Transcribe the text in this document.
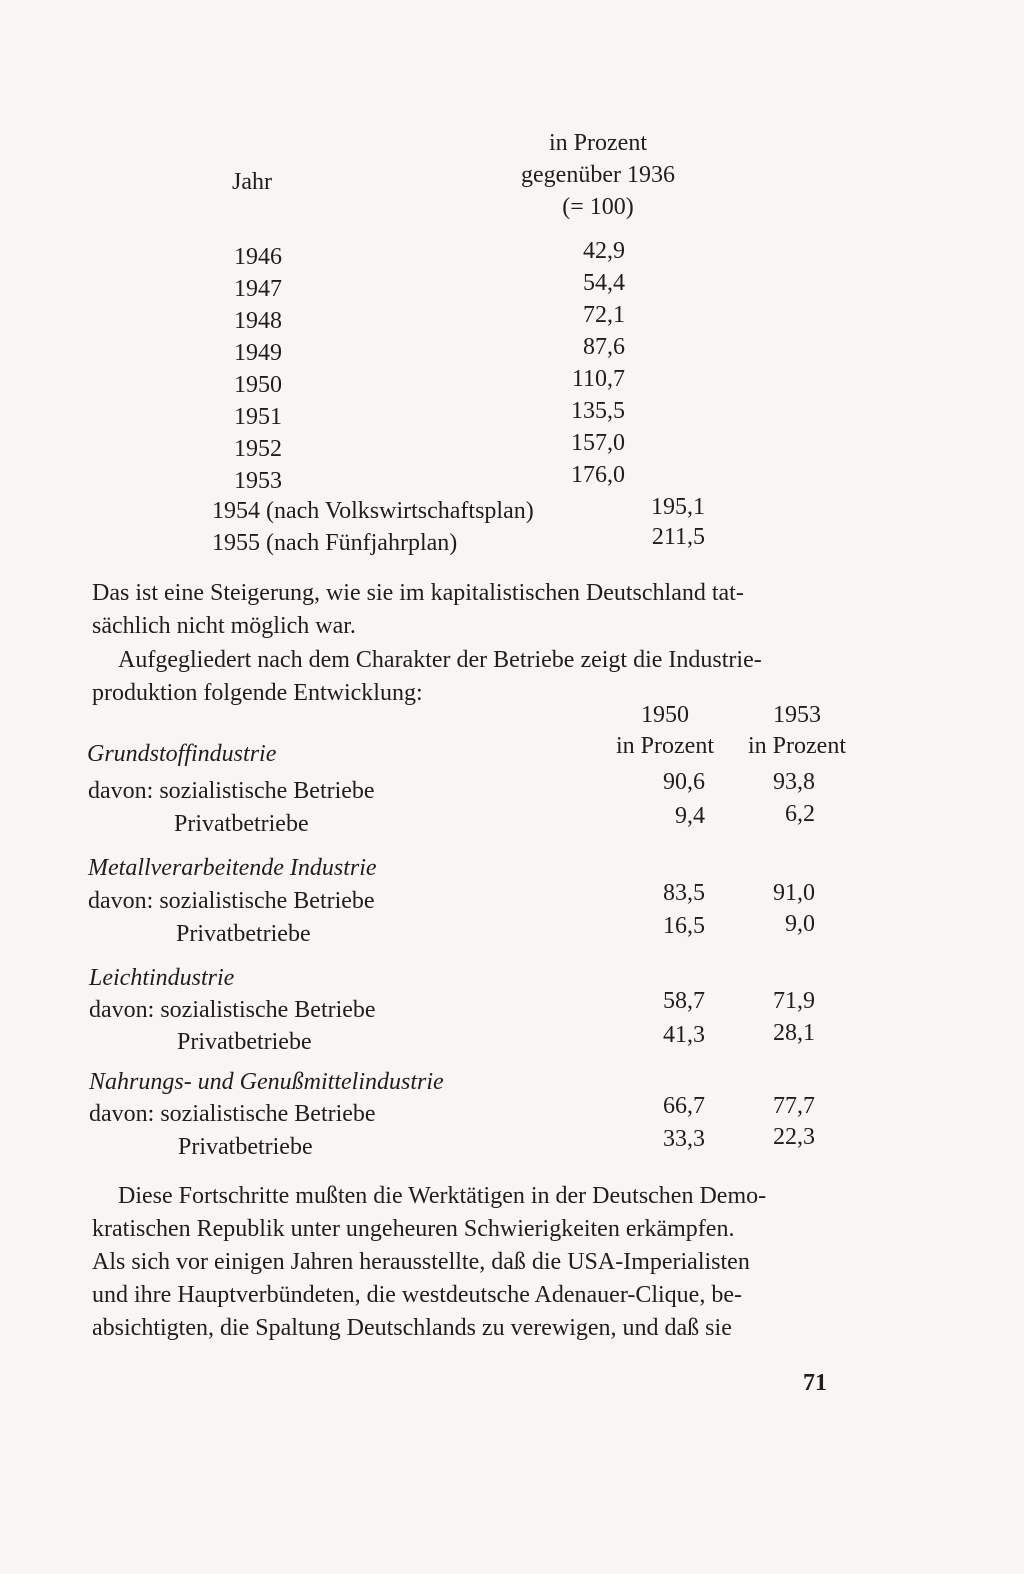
Jahr
in Prozent
gegenüber 1936
(= 100)
1946	42,9
1947	54,4
1948	72,1
1949	87,6
1950	110,7
1951	135,5
1952	157,0
1953	176,0
1954 (nach Volkswirtschaftsplan)	195,1
1955 (nach Fünfjahrplan)	211,5
Das ist eine Steigerung, wie sie im kapitalistischen Deutschland tat-
sächlich nicht möglich war.
Aufgegliedert nach dem Charakter der Betriebe zeigt die Industrie-
produktion folgende Entwicklung:
1950
in Prozent
1953
in Prozent
Grundstoffindustrie
davon: sozialistische Betriebe	90,6	93,8
Privatbetriebe	9,4	6,2
Metallverarbeitende Industrie
davon: sozialistische Betriebe	83,5	91,0
Privatbetriebe	16,5	9,0
Leichtindustrie
davon: sozialistische Betriebe	58,7	71,9
Privatbetriebe	41,3	28,1
Nahrungs- und Genußmittelindustrie
davon: sozialistische Betriebe	66,7	77,7
Privatbetriebe	33,3	22,3
Diese Fortschritte mußten die Werktätigen in der Deutschen Demo-
kratischen Republik unter ungeheuren Schwierigkeiten erkämpfen.
Als sich vor einigen Jahren herausstellte, daß die USA-Imperialisten
und ihre Hauptverbündeten, die westdeutsche Adenauer-Clique, be-
absichtigten, die Spaltung Deutschlands zu verewigen, und daß sie
71
